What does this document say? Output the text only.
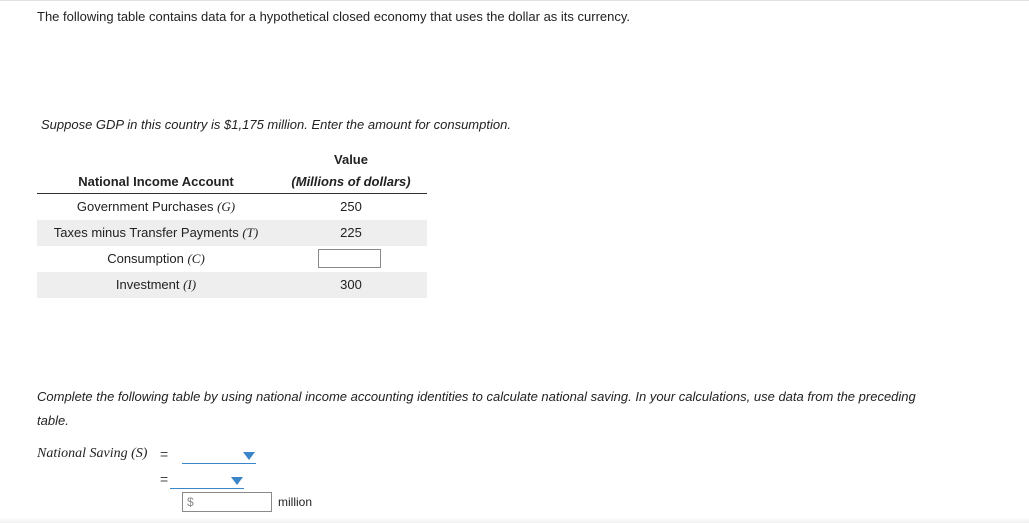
The following table contains data for a hypothetical closed economy that uses the dollar as its currency.
Suppose GDP in this country is $1,175 million. Enter the amount for consumption.
National Income Account
Value
(Millions of dollars)
Government Purchases (G)	250
Taxes minus Transfer Payments (T)	225
Consumption (C)
Investment (I)	300
Complete the following table by using national income accounting identities to calculate national saving. In your calculations, use data from the preceding table.
National Saving (S) =
=
$	million
